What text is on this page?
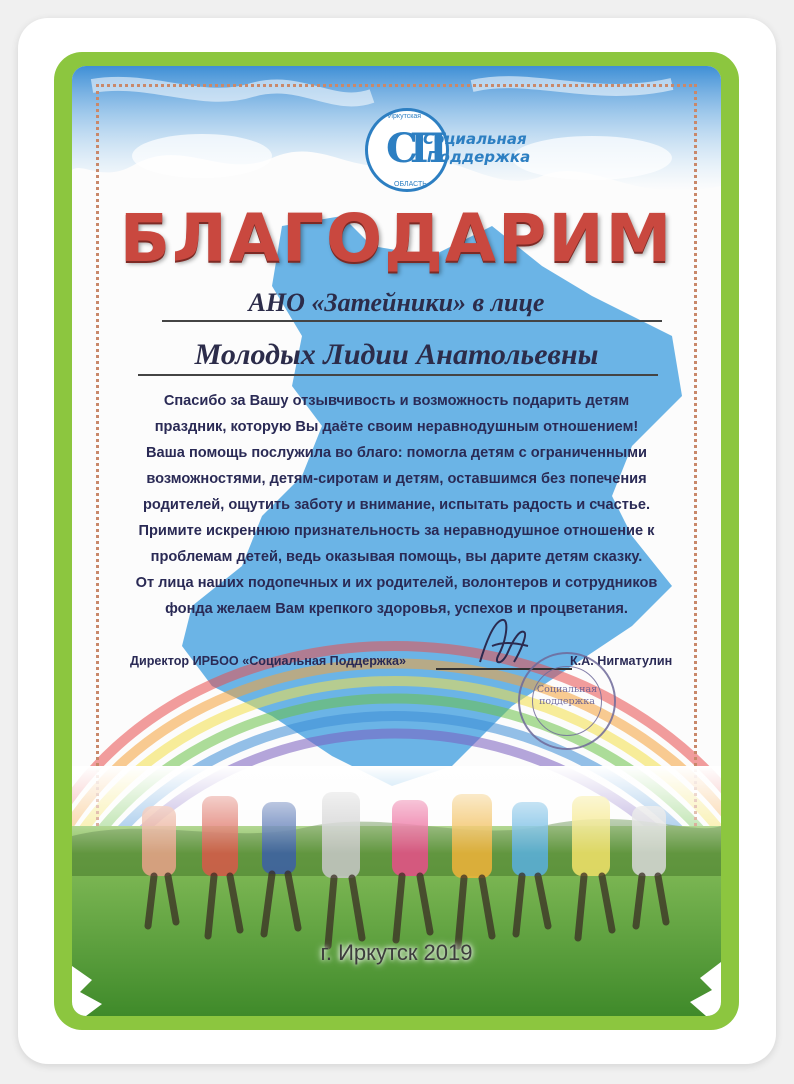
СП
Иркутская
ОБЛАСТЬ
Социальная
Поддержка
БЛАГОДАРИМ
АНО «Затейники» в лице
Молодых Лидии Анатольевны

Спасибо за Вашу отзывчивость и возможность подарить детям

праздник, которую Вы даёте своим неравнодушным отношением!

Ваша помощь послужила во благо: помогла детям с ограниченными

возможностями, детям-сиротам и детям, оставшимся без попечения

родителей, ощутить заботу и внимание, испытать радость и счастье.

Примите искреннюю признательность за неравнодушное отношение к

проблемам детей, ведь оказывая помощь, вы дарите детям сказку.

От лица наших подопечных и их родителей, волонтеров и сотрудников

фонда желаем Вам крепкого здоровья, успехов и процветания.

Директор ИРБОО «Социальная Поддержка»	К.А. Нигматулин
Социальная
поддержка
г. Иркутск 2019
